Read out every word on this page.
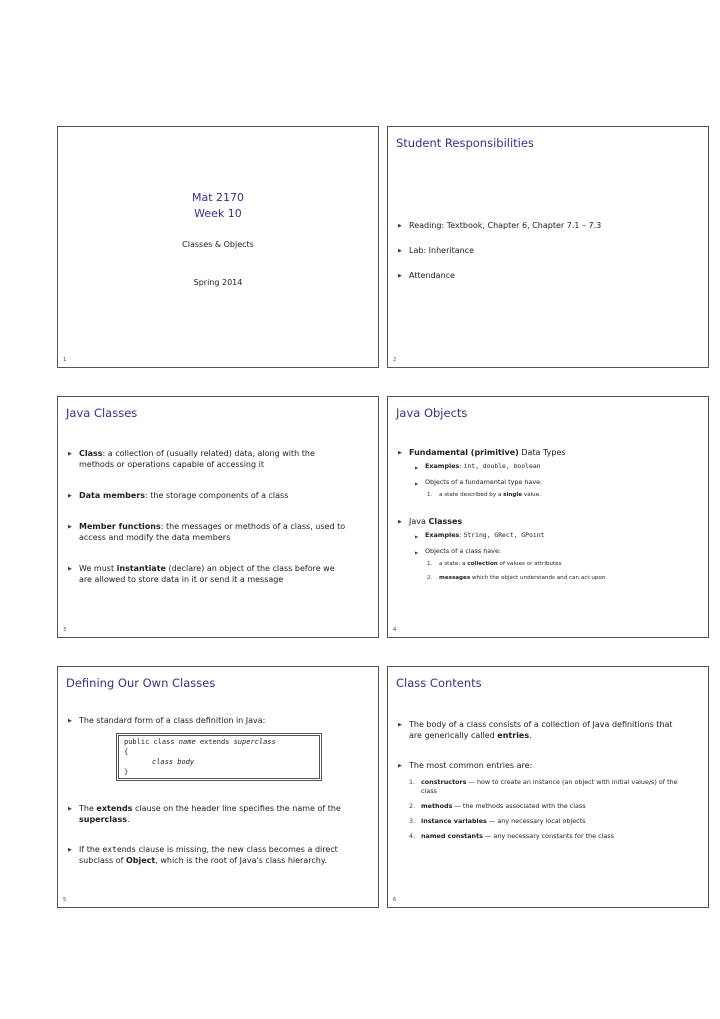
Mat 2170
Week 10
Classes & Objects
Spring 2014
1
Student Responsibilities
▶ Reading: Textbook, Chapter 6, Chapter 7.1 – 7.3
▶ Lab: Inheritance
▶ Attendance
2
Java Classes
▶ Class: a collection of (usually related) data, along with the methods or operations capable of accessing it
▶ Data members: the storage components of a class
▶ Member functions: the messages or methods of a class, used to access and modify the data members
▶ We must instantiate (declare) an object of the class before we are allowed to store data in it or send it a message
3
Java Objects
▶ Fundamental (primitive) Data Types
▶ Examples: int, double, boolean
▶ Objects of a fundamental type have:
1. a state described by a single value.
▶ Java Classes
▶ Examples: String, GRect, GPoint
▶ Objects of a class have:
1. a state: a collection of values or attributes
2. messages which the object understands and can act upon
4
Defining Our Own Classes
▶ The standard form of a class definition in Java:
public class name extends superclass
{
class body
}
▶ The extends clause on the header line specifies the name of the superclass.
▶ If the extends clause is missing, the new class becomes a direct subclass of Object, which is the root of Java's class hierarchy.
5
Class Contents
▶ The body of a class consists of a collection of Java definitions that are generically called entries.
▶ The most common entries are:
1. constructors — how to create an instance (an object with initial value/s) of the class
2. methods — the methods associated with the class
3. instance variables — any necessary local objects
4. named constants — any necessary constants for the class
6
